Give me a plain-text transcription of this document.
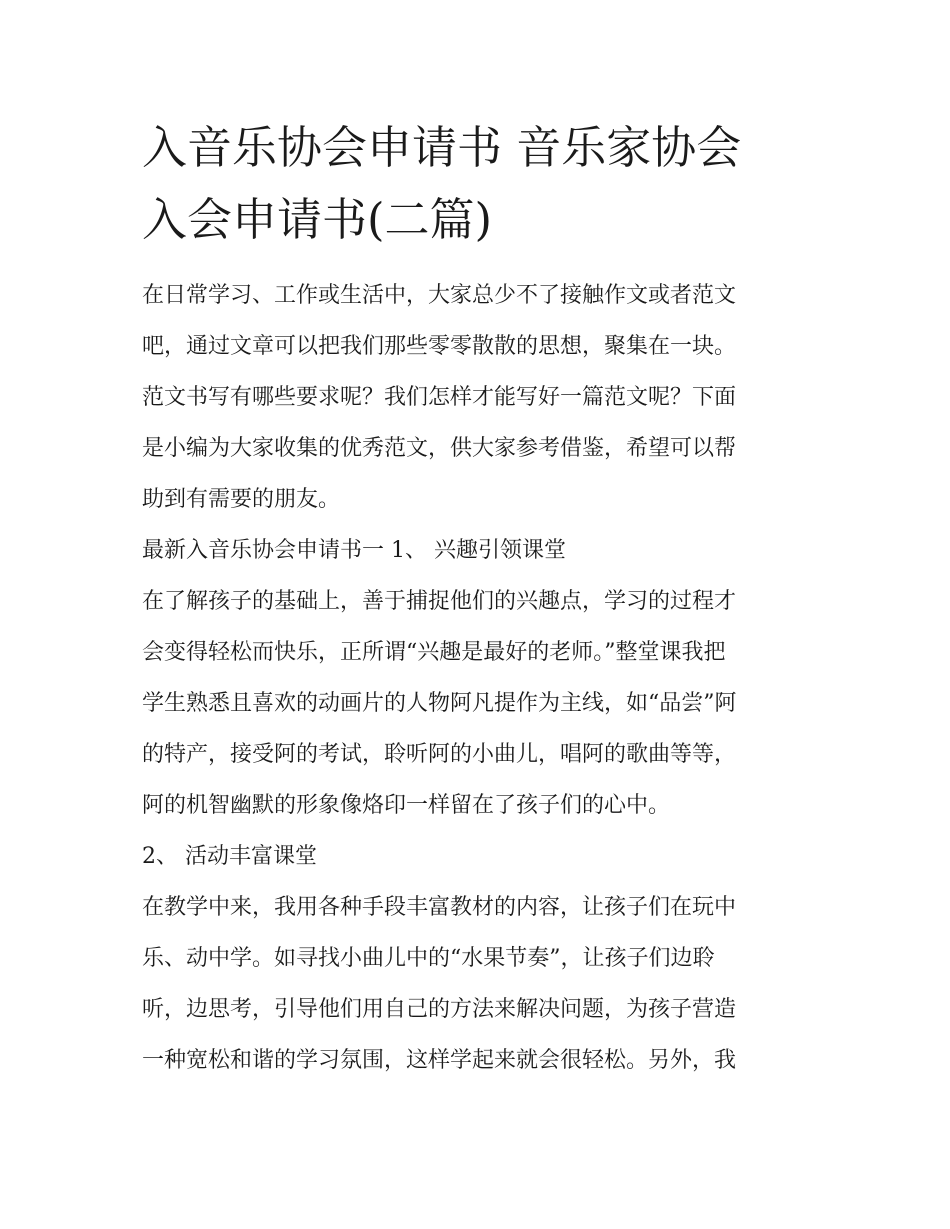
入音乐协会申请书 音乐家协会
入会申请书(二篇)
在日常学习、工作或生活中，大家总少不了接触作文或者范文
吧，通过文章可以把我们那些零零散散的思想，聚集在一块。
范文书写有哪些要求呢？我们怎样才能写好一篇范文呢？下面
是小编为大家收集的优秀范文，供大家参考借鉴，希望可以帮
助到有需要的朋友。
最新入音乐协会申请书一 1、 兴趣引领课堂
在了解孩子的基础上，善于捕捉他们的兴趣点，学习的过程才
会变得轻松而快乐，正所谓“兴趣是最好的老师。”整堂课我把
学生熟悉且喜欢的动画片的人物阿凡提作为主线，如“品尝”阿
的特产，接受阿的考试，聆听阿的小曲儿，唱阿的歌曲等等，
阿的机智幽默的形象像烙印一样留在了孩子们的心中。
2、 活动丰富课堂
在教学中来，我用各种手段丰富教材的内容，让孩子们在玩中
乐、动中学。如寻找小曲儿中的“水果节奏”，让孩子们边聆
听，边思考，引导他们用自己的方法来解决问题，为孩子营造
一种宽松和谐的学习氛围，这样学起来就会很轻松。另外，我
